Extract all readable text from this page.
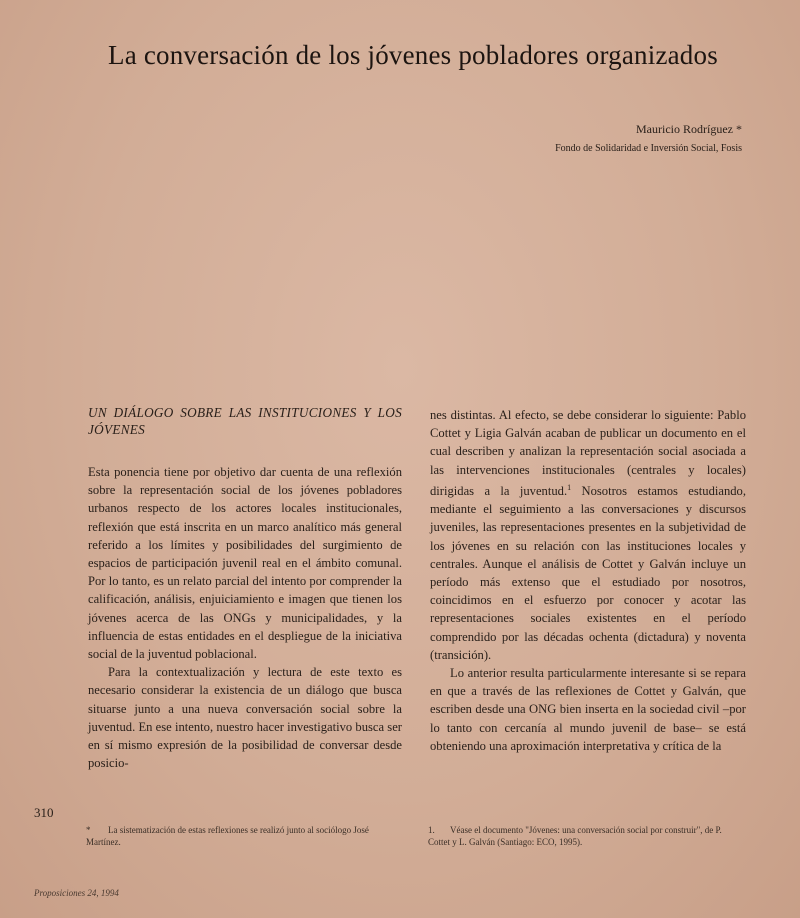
La conversación de los jóvenes pobladores organizados
Mauricio Rodríguez *
Fondo de Solidaridad e Inversión Social, Fosis

UN DIÁLOGO SOBRE LAS INSTITUCIONES Y LOS JÓVENES

Esta ponencia tiene por objetivo dar cuenta de una reflexión sobre la representación social de los jóvenes pobladores urbanos respecto de los actores locales institucionales, reflexión que está inscrita en un marco analítico más general referido a los límites y posibilidades del surgimiento de espacios de participación juvenil real en el ámbito comunal. Por lo tanto, es un relato parcial del intento por comprender la calificación, análisis, enjuiciamiento e imagen que tienen los jóvenes acerca de las ONGs y municipalidades, y la influencia de estas entidades en el despliegue de la iniciativa social de la juventud poblacional.

Para la contextualización y lectura de este texto es necesario considerar la existencia de un diálogo que busca situarse junto a una nueva conversación social sobre la juventud. En ese intento, nuestro hacer investigativo busca ser en sí mismo expresión de la posibilidad de conversar desde posicio-

nes distintas. Al efecto, se debe considerar lo siguiente: Pablo Cottet y Ligia Galván acaban de publicar un documento en el cual describen y analizan la representación social asociada a las intervenciones institucionales (centrales y locales) dirigidas a la juventud.$^1$ Nosotros estamos estudiando, mediante el seguimiento a las conversaciones y discursos juveniles, las representaciones presentes en la subjetividad de los jóvenes en su relación con las instituciones locales y centrales. Aunque el análisis de Cottet y Galván incluye un período más extenso que el estudiado por nosotros, coincidimos en el esfuerzo por conocer y acotar las representaciones sociales existentes en el período comprendido por las décadas ochenta (dictadura) y noventa (transición).

Lo anterior resulta particularmente interesante si se repara en que a través de las reflexiones de Cottet y Galván, que escriben desde una ONG bien inserta en la sociedad civil –por lo tanto con cercanía al mundo juvenil de base– se está obteniendo una aproximación interpretativa y crítica de la

310
* La sistematización de estas reflexiones se realizó junto al sociólogo José Martínez.
1. Véase el documento "Jóvenes: una conversación social por construir", de P. Cottet y L. Galván (Santiago: ECO, 1995).
Proposiciones 24, 1994
